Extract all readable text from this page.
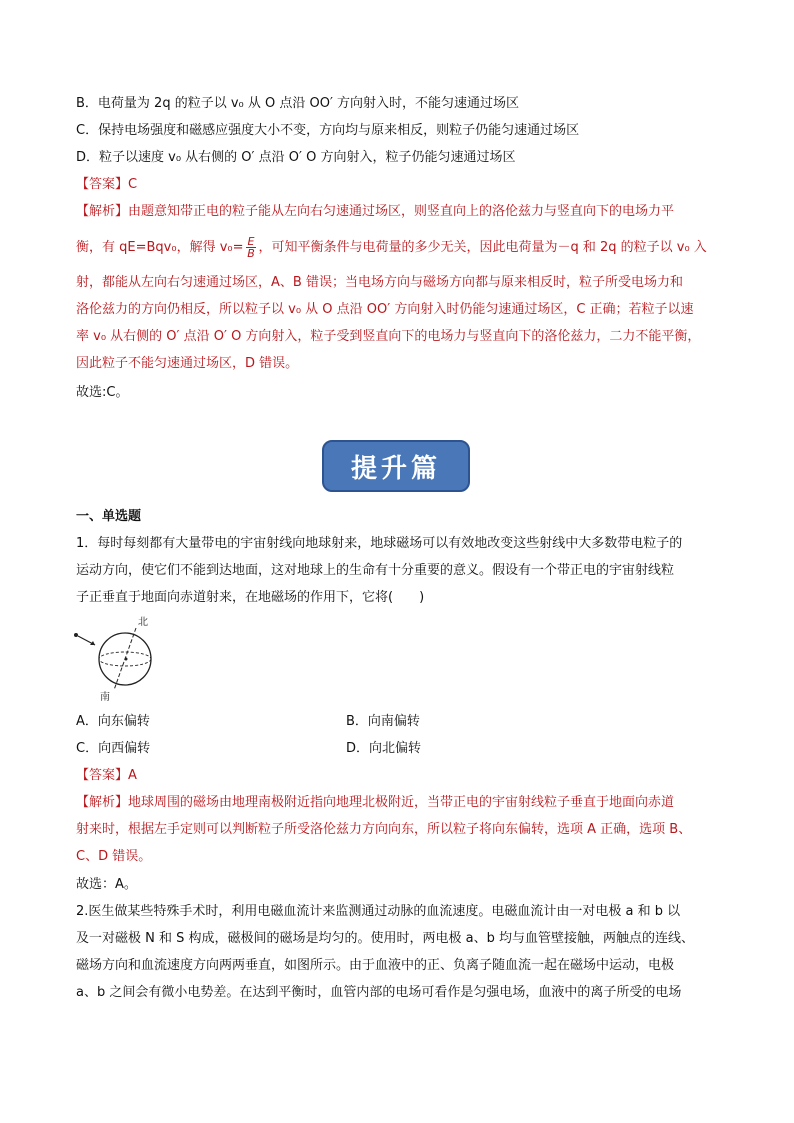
B．电荷量为 2q 的粒子以 v₀ 从 O 点沿 OO′ 方向射入时，不能匀速通过场区
C．保持电场强度和磁感应强度大小不变，方向均与原来相反，则粒子仍能匀速通过场区
D．粒子以速度 v₀ 从右侧的 O′ 点沿 O′ O 方向射入，粒子仍能匀速通过场区
【答案】C
【解析】由题意知带正电的粒子能从左向右匀速通过场区，则竖直向上的洛伦兹力与竖直向下的电场力平
衡，有 qE=Bqv₀，解得 $v_0= \frac{E}{B}$ ，可知平衡条件与电荷量的多少无关，因此电荷量为－q 和 2q 的粒子以 v₀ 入
射，都能从左向右匀速通过场区，A、B 错误；当电场方向与磁场方向都与原来相反时，粒子所受电场力和
洛伦兹力的方向仍相反，所以粒子以 v₀ 从 O 点沿 OO′ 方向射入时仍能匀速通过场区，C 正确；若粒子以速
率 v₀ 从右侧的 O′ 点沿 O′ O 方向射入，粒子受到竖直向下的电场力与竖直向下的洛伦兹力，二力不能平衡，
因此粒子不能匀速通过场区，D 错误。
故选:C。
提升篇
一、单选题
1．每时每刻都有大量带电的宇宙射线向地球射来，地球磁场可以有效地改变这些射线中大多数带电粒子的
运动方向，使它们不能到达地面，这对地球上的生命有十分重要的意义。假设有一个带正电的宇宙射线粒
子正垂直于地面向赤道射来，在地磁场的作用下，它将(　　)
北
南
A．向东偏转	B．向南偏转
C．向西偏转	D．向北偏转
【答案】A
【解析】地球周围的磁场由地理南极附近指向地理北极附近，当带正电的宇宙射线粒子垂直于地面向赤道
射来时，根据左手定则可以判断粒子所受洛伦兹力方向向东，所以粒子将向东偏转，选项 A 正确，选项 B、
C、D 错误。
故选：A。
2.医生做某些特殊手术时，利用电磁血流计来监测通过动脉的血流速度。电磁血流计由一对电极 a 和 b 以
及一对磁极 N 和 S 构成，磁极间的磁场是均匀的。使用时，两电极 a、b 均与血管壁接触，两触点的连线、
磁场方向和血流速度方向两两垂直，如图所示。由于血液中的正、负离子随血流一起在磁场中运动，电极
a、b 之间会有微小电势差。在达到平衡时，血管内部的电场可看作是匀强电场，血液中的离子所受的电场
